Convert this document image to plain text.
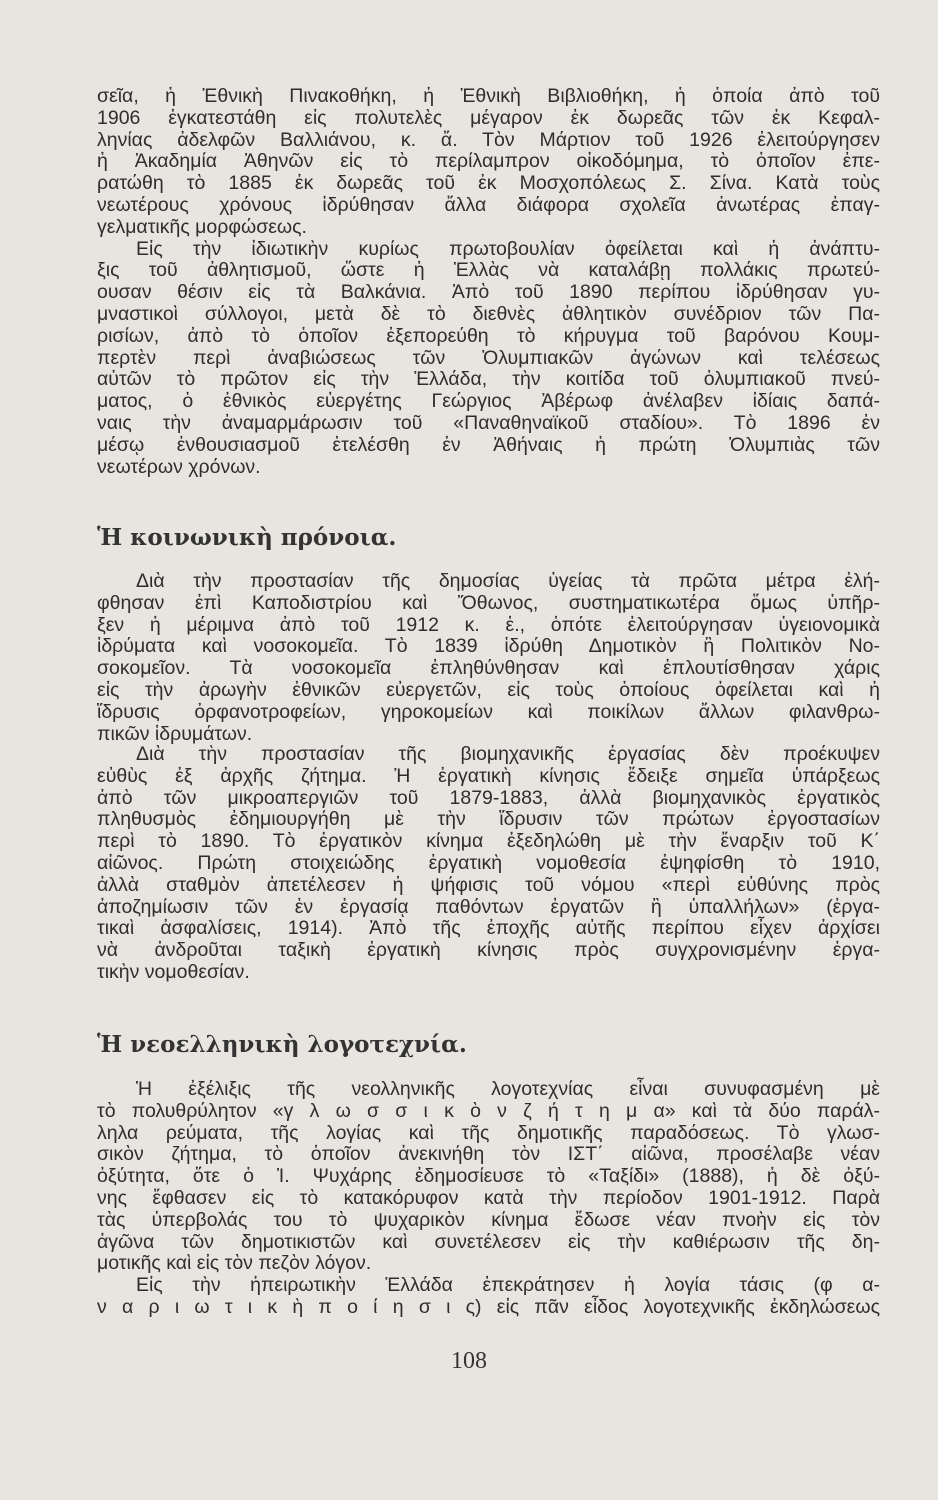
σεῖα, ἡ Ἐθνικὴ Πινακοθήκη, ἡ Ἐθνικὴ Βιβλιοθήκη, ἡ ὁποία ἀπὸ τοῦ
1906 ἐγκατεστάθη εἰς πολυτελὲς μέγαρον ἐκ δωρεᾶς τῶν ἐκ Κεφαλ-
ληνίας ἀδελφῶν Βαλλιάνου, κ. ἄ. Τὸν Μάρτιον τοῦ 1926 ἐλειτούργησεν
ἡ Ἀκαδημία Ἀθηνῶν εἰς τὸ περίλαμπρον οἰκοδόμημα, τὸ ὁποῖον ἐπε-
ρατώθη τὸ 1885 ἐκ δωρεᾶς τοῦ ἐκ Μοσχοπόλεως Σ. Σίνα. Κατὰ τοὺς
νεωτέρους χρόνους ἱδρύθησαν ἄλλα διάφορα σχολεῖα ἀνωτέρας ἐπαγ-
γελματικῆς μορφώσεως.
Εἰς τὴν ἰδιωτικὴν κυρίως πρωτοβουλίαν ὀφείλεται καὶ ἡ ἀνάπτυ-
ξις τοῦ ἀθλητισμοῦ, ὥστε ἡ Ἑλλὰς νὰ καταλάβῃ πολλάκις πρωτεύ-
ουσαν θέσιν εἰς τὰ Βαλκάνια. Ἀπὸ τοῦ 1890 περίπου ἱδρύθησαν γυ-
μναστικοὶ σύλλογοι, μετὰ δὲ τὸ διεθνὲς ἀθλητικὸν συνέδριον τῶν Πα-
ρισίων, ἀπὸ τὸ ὁποῖον ἐξεπορεύθη τὸ κήρυγμα τοῦ βαρόνου Κουμ-
περτὲν περὶ ἀναβιώσεως τῶν Ὀλυμπιακῶν ἀγώνων καὶ τελέσεως
αὐτῶν τὸ πρῶτον εἰς τὴν Ἑλλάδα, τὴν κοιτίδα τοῦ ὀλυμπιακοῦ πνεύ-
ματος, ὁ ἐθνικὸς εὐεργέτης Γεώργιος Ἀβέρωφ ἀνέλαβεν ἰδίαις δαπά-
ναις τὴν ἀναμαρμάρωσιν τοῦ «Παναθηναϊκοῦ σταδίου». Τὸ 1896 ἐν
μέσῳ ἐνθουσιασμοῦ ἐτελέσθη ἐν Ἀθήναις ἡ πρώτη Ὀλυμπιὰς τῶν
νεωτέρων χρόνων.
Ἡ κοινωνικὴ πρόνοια.
Διὰ τὴν προστασίαν τῆς δημοσίας ὑγείας τὰ πρῶτα μέτρα ἐλή-
φθησαν ἐπὶ Καποδιστρίου καὶ Ὄθωνος, συστηματικωτέρα ὅμως ὑπῆρ-
ξεν ἡ μέριμνα ἀπὸ τοῦ 1912 κ. ἑ., ὁπότε ἐλειτούργησαν ὑγειονομικὰ
ἱδρύματα καὶ νοσοκομεῖα. Τὸ 1839 ἱδρύθη Δημοτικὸν ἢ Πολιτικὸν Νο-
σοκομεῖον. Τὰ νοσοκομεῖα ἐπληθύνθησαν καὶ ἐπλουτίσθησαν χάρις
εἰς τὴν ἀρωγὴν ἐθνικῶν εὐεργετῶν, εἰς τοὺς ὁποίους ὀφείλεται καὶ ἡ
ἵδρυσις ὀρφανοτροφείων, γηροκομείων καὶ ποικίλων ἄλλων φιλανθρω-
πικῶν ἱδρυμάτων.
Διὰ τὴν προστασίαν τῆς βιομηχανικῆς ἐργασίας δὲν προέκυψεν
εὐθὺς ἐξ ἀρχῆς ζήτημα. Ἡ ἐργατικὴ κίνησις ἔδειξε σημεῖα ὑπάρξεως
ἀπὸ τῶν μικροαπεργιῶν τοῦ 1879-1883, ἀλλὰ βιομηχανικὸς ἐργατικὸς
πληθυσμὸς ἐδημιουργήθη μὲ τὴν ἵδρυσιν τῶν πρώτων ἐργοστασίων
περὶ τὸ 1890. Τὸ ἐργατικὸν κίνημα ἐξεδηλώθη μὲ τὴν ἔναρξιν τοῦ Κ΄
αἰῶνος. Πρώτη στοιχειώδης ἐργατικὴ νομοθεσία ἐψηφίσθη τὸ 1910,
ἀλλὰ σταθμὸν ἀπετέλεσεν ἡ ψήφισις τοῦ νόμου «περὶ εὐθύνης πρὸς
ἀποζημίωσιν τῶν ἐν ἐργασίᾳ παθόντων ἐργατῶν ἢ ὑπαλλήλων» (ἐργα-
τικαὶ ἀσφαλίσεις, 1914). Ἀπὸ τῆς ἐποχῆς αὐτῆς περίπου εἶχεν ἀρχίσει
νὰ ἀνδροῦται ταξικὴ ἐργατικὴ κίνησις πρὸς συγχρονισμένην ἐργα-
τικὴν νομοθεσίαν.
Ἡ νεοελληνικὴ λογοτεχνία.
Ἡ ἐξέλιξις τῆς νεολληνικῆς λογοτεχνίας εἶναι συνυφασμένη μὲ
τὸ πολυθρύλητον «γ λ ω σ σ ι κ ὸ ν ζ ή τ η μ α» καὶ τὰ δύο παράλ-
ληλα ρεύματα, τῆς λογίας καὶ τῆς δημοτικῆς παραδόσεως. Τὸ γλωσ-
σικὸν ζήτημα, τὸ ὁποῖον ἀνεκινήθη τὸν ΙΣΤ΄ αἰῶνα, προσέλαβε νέαν
ὀξύτητα, ὅτε ὁ Ἰ. Ψυχάρης ἐδημοσίευσε τὸ «Ταξίδι» (1888), ἡ δὲ ὀξύ-
νης ἔφθασεν εἰς τὸ κατακόρυφον κατὰ τὴν περίοδον 1901-1912. Παρὰ
τὰς ὑπερβολάς του τὸ ψυχαρικὸν κίνημα ἔδωσε νέαν πνοὴν εἰς τὸν
ἀγῶνα τῶν δημοτικιστῶν καὶ συνετέλεσεν εἰς τὴν καθιέρωσιν τῆς δη-
μοτικῆς καὶ εἰς τὸν πεζὸν λόγον.
Εἰς τὴν ἠπειρωτικὴν Ἑλλάδα ἐπεκράτησεν ἡ λογία τάσις (φ α-
ν α ρ ι ω τ ι κ ὴ π ο ί η σ ι ς) εἰς πᾶν εἶδος λογοτεχνικῆς ἐκδηλώσεως
108
